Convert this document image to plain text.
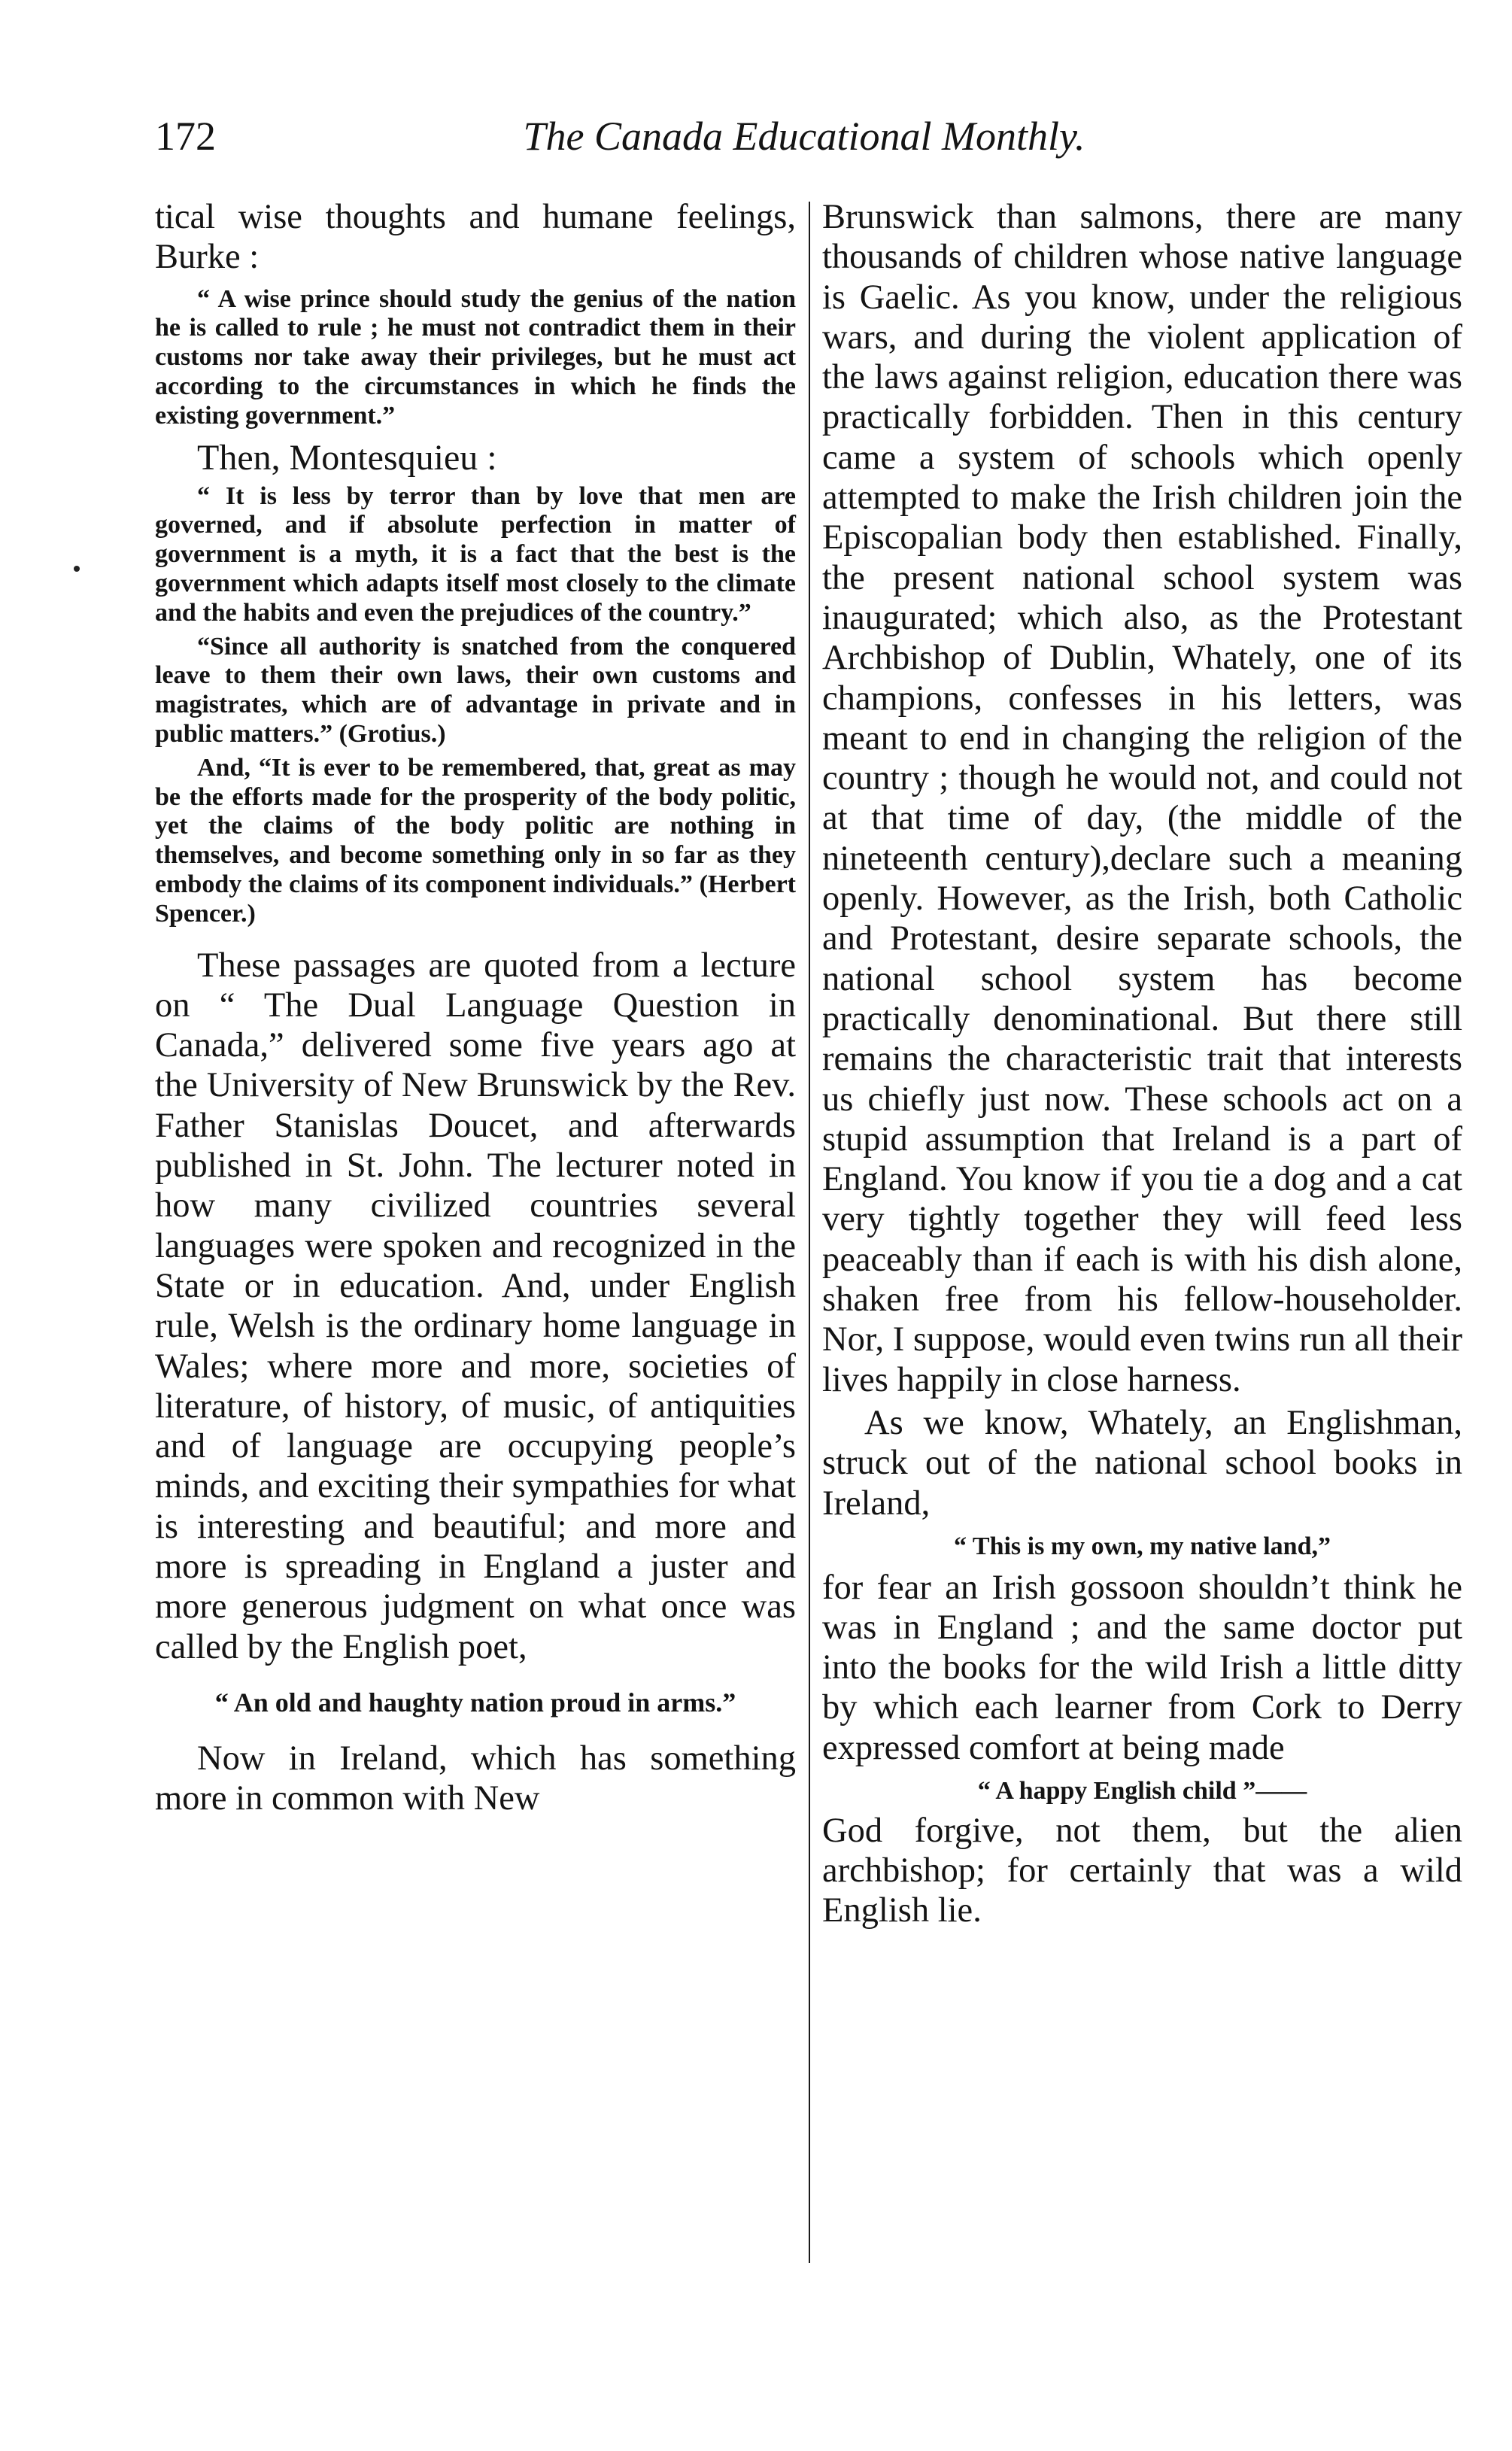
172	The Canada Educational Monthly.

tical wise thoughts and humane feelings, Burke :

“ A wise prince should study the genius of the nation he is called to rule ; he must not contradict them in their customs nor take away their privileges, but he must act according to the circumstances in which he finds the existing government.”

Then, Montesquieu :

“ It is less by terror than by love that men are governed, and if absolute perfection in matter of government is a myth, it is a fact that the best is the government which adapts itself most closely to the climate and the habits and even the prejudices of the country.”

“Since all authority is snatched from the conquered leave to them their own laws, their own customs and magistrates, which are of advantage in private and in public matters.” (Grotius.)

And, “It is ever to be remembered, that, great as may be the efforts made for the prosperity of the body politic, yet the claims of the body politic are nothing in themselves, and become something only in so far as they embody the claims of its component individuals.” (Herbert Spencer.)

These passages are quoted from a lecture on “ The Dual Language Question in Canada,” delivered some five years ago at the University of New Brunswick by the Rev. Father Stanislas Doucet, and afterwards published in St. John. The lecturer noted in how many civilized countries several languages were spoken and recognized in the State or in education. And, under English rule, Welsh is the ordinary home language in Wales; where more and more, societies of literature, of history, of music, of antiquities and of language are occupying people’s minds, and exciting their sympathies for what is interesting and beautiful; and more and more is spreading in England a juster and more generous judgment on what once was called by the English poet,

“ An old and haughty nation proud in arms.”

Now in Ireland, which has something more in common with New

Brunswick than salmons, there are many thousands of children whose native language is Gaelic. As you know, under the religious wars, and during the violent application of the laws against religion, education there was practically forbidden. Then in this century came a system of schools which openly attempted to make the Irish children join the Episcopalian body then established. Finally, the present national school system was inaugurated; which also, as the Protestant Archbishop of Dublin, Whately, one of its champions, confesses in his letters, was meant to end in changing the religion of the country ; though he would not, and could not at that time of day, (the middle of the nineteenth century),declare such a meaning openly. However, as the Irish, both Catholic and Protestant, desire separate schools, the national school system has become practically denominational. But there still remains the characteristic trait that interests us chiefly just now. These schools act on a stupid assumption that Ireland is a part of England. You know if you tie a dog and a cat very tightly together they will feed less peaceably than if each is with his dish alone, shaken free from his fellow-householder. Nor, I suppose, would even twins run all their lives happily in close harness.

As we know, Whately, an Englishman, struck out of the national school books in Ireland,

“ This is my own, my native land,”

for fear an Irish gossoon shouldn’t think he was in England ; and the same doctor put into the books for the wild Irish a little ditty by which each learner from Cork to Derry expressed comfort at being made

“ A happy English child ”——

God forgive, not them, but the alien archbishop; for certainly that was a wild English lie.
